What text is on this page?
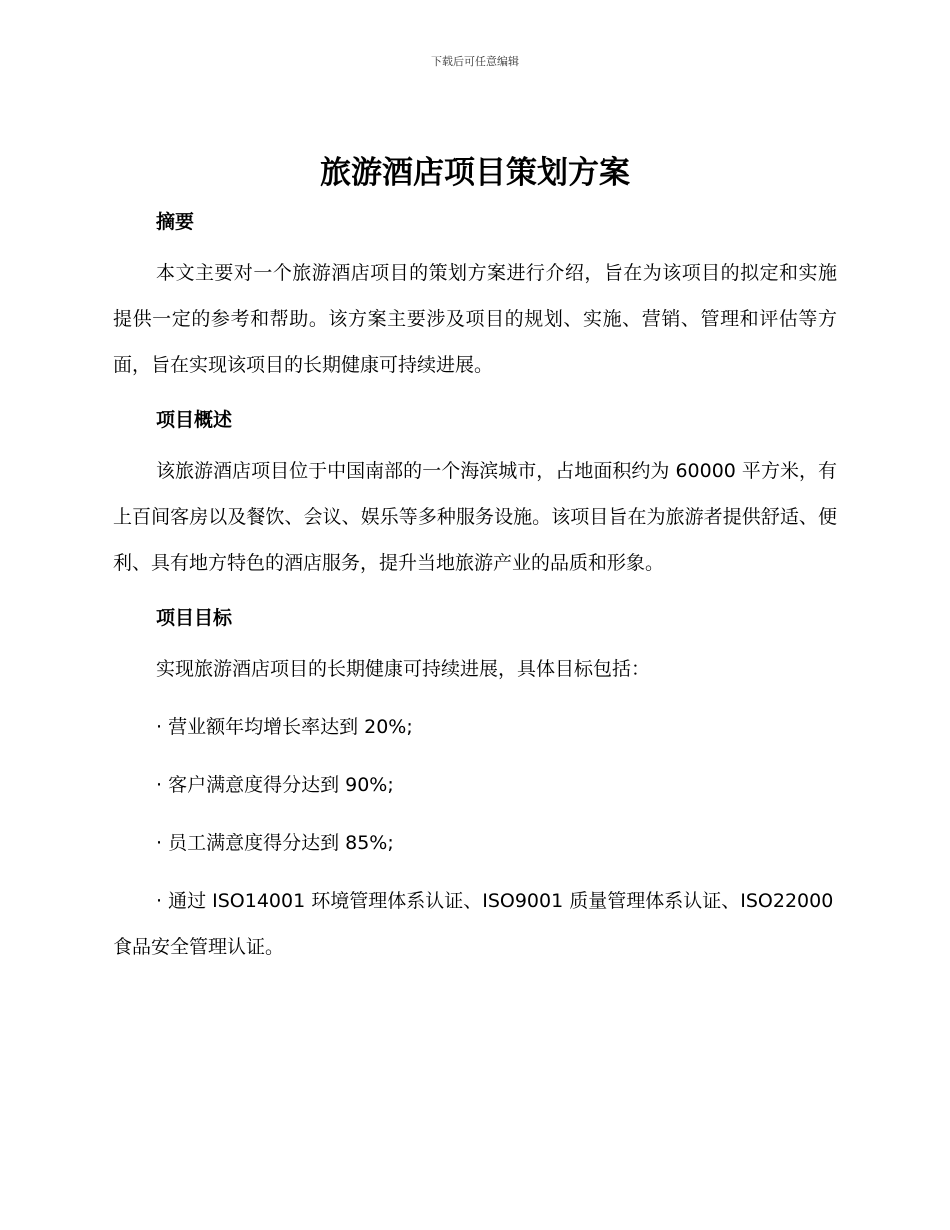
下载后可任意编辑
旅游酒店项目策划方案
摘要

本文主要对一个旅游酒店项目的策划方案进行介绍，旨在为该项目的拟定和实施提供一定的参考和帮助。该方案主要涉及项目的规划、实施、营销、管理和评估等方面，旨在实现该项目的长期健康可持续进展。

项目概述

该旅游酒店项目位于中国南部的一个海滨城市，占地面积约为 60000 平方米，有上百间客房以及餐饮、会议、娱乐等多种服务设施。该项目旨在为旅游者提供舒适、便利、具有地方特色的酒店服务，提升当地旅游产业的品质和形象。

项目目标

实现旅游酒店项目的长期健康可持续进展，具体目标包括：

· 营业额年均增长率达到 20%;

· 客户满意度得分达到 90%;

· 员工满意度得分达到 85%;

· 通过 ISO14001 环境管理体系认证、ISO9001 质量管理体系认证、ISO22000 食品安全管理认证。
